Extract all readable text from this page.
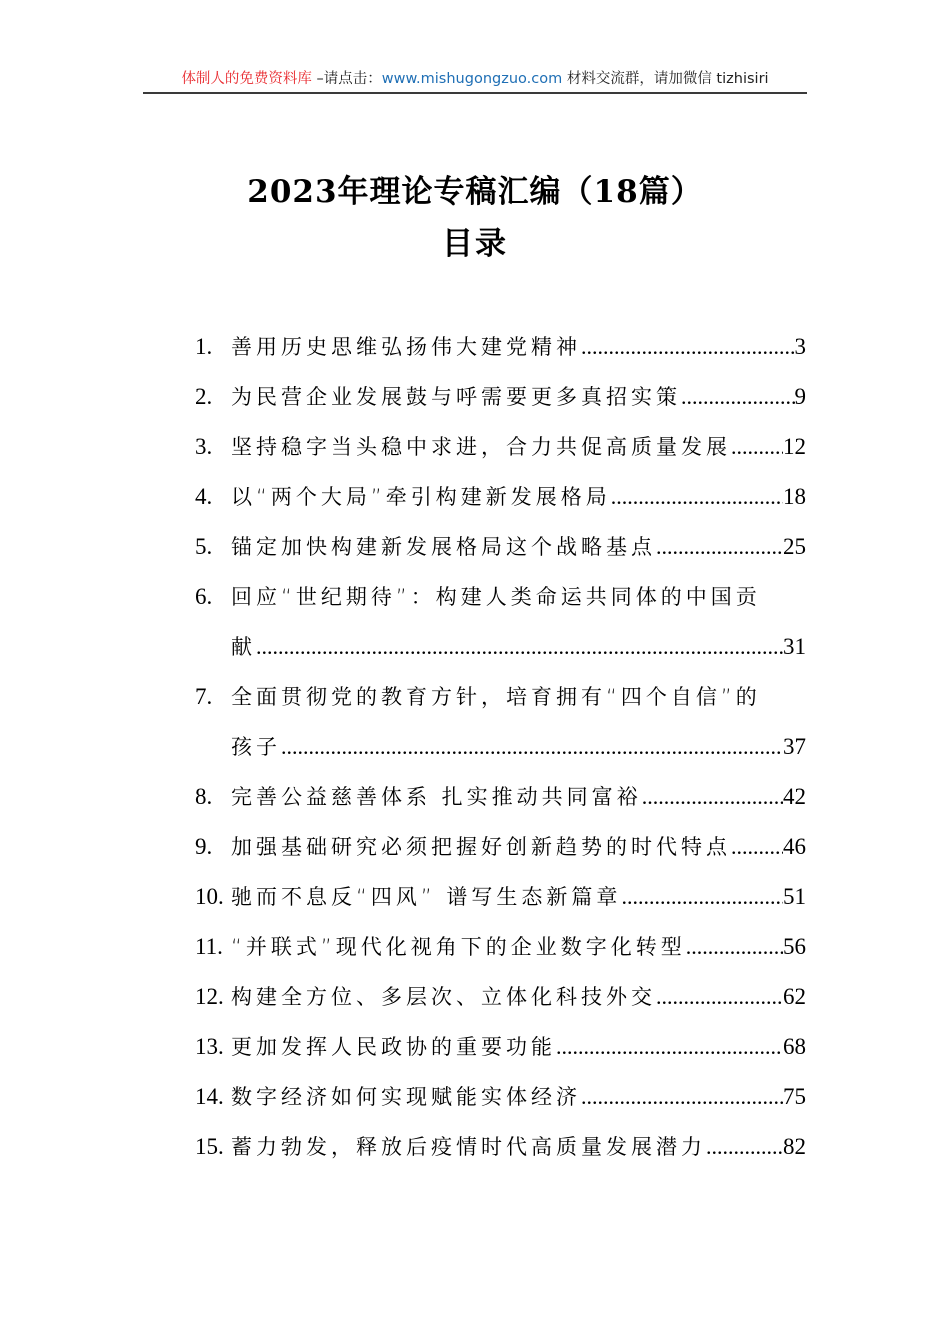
体制人的免费资料库 –请点击：www.mishugongzuo.com 材料交流群，请加微信 tizhisiri
2023年理论专稿汇编（18篇）
目录
1. 善用历史思维弘扬伟大建党精神 .....	3
2. 为民营企业发展鼓与呼需要更多真招实策 .....	9
3. 坚持稳字当头稳中求进，合力共促高质量发展 ..... 12
4. 以“两个大局”牵引构建新发展格局 .....	18
5. 锚定加快构建新发展格局这个战略基点 .....	25
6. 回应“世纪期待”：构建人类命运共同体的中国贡
献 .....	31
7. 全面贯彻党的教育方针，培育拥有“四个自信”的
孩子 .....	37
8. 完善公益慈善体系 扎实推动共同富裕 .....	42
9. 加强基础研究必须把握好创新趋势的时代特点 ..... 46
10. 驰而不息反“四风” 谱写生态新篇章 .....	51
11. “并联式”现代化视角下的企业数字化转型 .....	56
12. 构建全方位、多层次、立体化科技外交 .....	62
13. 更加发挥人民政协的重要功能 .....	68
14. 数字经济如何实现赋能实体经济 .....	75
15. 蓄力勃发，释放后疫情时代高质量发展潜力 .....	82
